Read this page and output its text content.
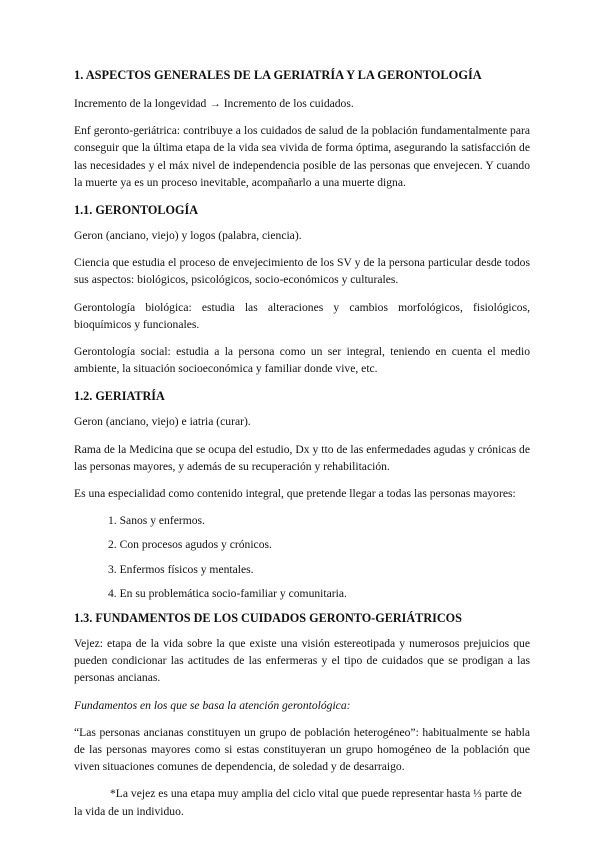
1. ASPECTOS GENERALES DE LA GERIATRÍA Y LA GERONTOLOGÍA

Incremento de la longevidad → Incremento de los cuidados.

Enf geronto-geriátrica: contribuye a los cuidados de salud de la población fundamentalmente para conseguir que la última etapa de la vida sea vivida de forma óptima, asegurando la satisfacción de las necesidades y el máx nivel de independencia posible de las personas que envejecen. Y cuando la muerte ya es un proceso inevitable, acompañarlo a una muerte digna.

1.1. GERONTOLOGÍA

Geron (anciano, viejo) y logos (palabra, ciencia).

Ciencia que estudia el proceso de envejecimiento de los SV y de la persona particular desde todos sus aspectos: biológicos, psicológicos, socio-económicos y culturales.

Gerontología biológica: estudia las alteraciones y cambios morfológicos, fisiológicos, bioquímicos y funcionales.

Gerontología social: estudia a la persona como un ser integral, teniendo en cuenta el medio ambiente, la situación socioeconómica y familiar donde vive, etc.

1.2. GERIATRÍA

Geron (anciano, viejo) e iatria (curar).

Rama de la Medicina que se ocupa del estudio, Dx y tto de las enfermedades agudas y crónicas de las personas mayores, y además de su recuperación y rehabilitación.

Es una especialidad como contenido integral, que pretende llegar a todas las personas mayores:

1. Sanos y enfermos.
2. Con procesos agudos y crónicos.
3. Enfermos físicos y mentales.
4. En su problemática socio-familiar y comunitaria.
1.3. FUNDAMENTOS DE LOS CUIDADOS GERONTO-GERIÁTRICOS

Vejez: etapa de la vida sobre la que existe una visión estereotipada y numerosos prejuicios que pueden condicionar las actitudes de las enfermeras y el tipo de cuidados que se prodigan a las personas ancianas.

Fundamentos en los que se basa la atención gerontológica:

“Las personas ancianas constituyen un grupo de población heterogéneo”: habitualmente se habla de las personas mayores como si estas constituyeran un grupo homogéneo de la población que viven situaciones comunes de dependencia, de soledad y de desarraigo.

*La vejez es una etapa muy amplia del ciclo vital que puede representar hasta ⅓ parte de la vida de un individuo.
